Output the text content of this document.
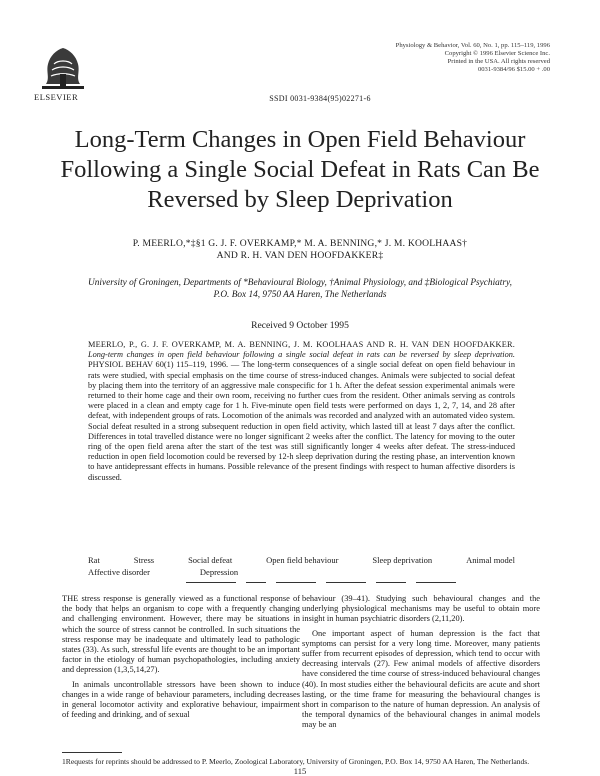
ELSEVIER	SSDI 0031-9384(95)02271-6
Physiology & Behavior, Vol. 60, No. 1, pp. 115–119, 1996
Copyright © 1996 Elsevier Science Inc.
Printed in the USA. All rights reserved
0031-9384/96 $15.00 + .00
Long-Term Changes in Open Field Behaviour
Following a Single Social Defeat in Rats Can Be
Reversed by Sleep Deprivation
P. MEERLO,*‡§1 G. J. F. OVERKAMP,* M. A. BENNING,* J. M. KOOLHAAS†
AND R. H. VAN DEN HOOFDAKKER‡
University of Groningen, Departments of *Behavioural Biology, †Animal Physiology, and ‡Biological Psychiatry,
P.O. Box 14, 9750 AA Haren, The Netherlands
Received 9 October 1995
MEERLO, P., G. J. F. OVERKAMP, M. A. BENNING, J. M. KOOLHAAS AND R. H. VAN DEN HOOFDAKKER. Long-term changes in open field behaviour following a single social defeat in rats can be reversed by sleep deprivation. PHYSIOL BEHAV 60(1) 115–119, 1996. — The long-term consequences of a single social defeat on open field behaviour in rats were studied, with special emphasis on the time course of stress-induced changes. Animals were subjected to social defeat by placing them into the territory of an aggressive male conspecific for 1 h. After the defeat session experimental animals were returned to their home cage and their own room, receiving no further cues from the resident. Other animals serving as controls were placed in a clean and empty cage for 1 h. Five-minute open field tests were performed on days 1, 2, 7, 14, and 28 after defeat, with independent groups of rats. Locomotion of the animals was recorded and analyzed with an automated video system. Social defeat resulted in a strong subsequent reduction in open field activity, which lasted till at least 7 days after the conflict. Differences in total travelled distance were no longer significant 2 weeks after the conflict. The latency for moving to the outer ring of the open field arena after the start of the test was still significantly longer 4 weeks after defeat. The stress-induced reduction in open field locomotion could be reversed by 12-h sleep deprivation during the resting phase, an intervention known to have antidepressant effects in humans. Possible relevance of the present findings with respect to human affective disorders is discussed.
Rat	Stress	Social defeat	Open field behaviour	Sleep deprivation	Animal model
Affective disorder	Depression

THE stress response is generally viewed as a functional response of the body that helps an organism to cope with a frequently changing and challenging environment. However, there may be situations in which the source of stress cannot be controlled. In such situations the stress response may be inadequate and ultimately lead to pathologic states (33). As such, stressful life events are thought to be an important factor in the etiology of human psychopathologies, including anxiety and depression (1,3,5,14,27).

In animals uncontrollable stressors have been shown to induce changes in a wide range of behaviour parameters, including decreases in general locomotor activity and explorative behaviour, impairment of feeding and drinking, and of sexual

behaviour (39–41). Studying such behavioural changes and the underlying physiological mechanisms may be useful to obtain more insight in human psychiatric disorders (2,11,20).

One important aspect of human depression is the fact that symptoms can persist for a very long time. Moreover, many patients suffer from recurrent episodes of depression, which tend to occur with decreasing intervals (27). Few animal models of affective disorders have considered the time course of stress-induced behavioural changes (40). In most studies either the behavioural deficits are acute and short lasting, or the time frame for measuring the behavioural changes is short in comparison to the nature of human depression. An analysis of the temporal dynamics of the behavioural changes in animal models may be an

1Requests for reprints should be addressed to P. Meerlo, Zoological Laboratory, University of Groningen, P.O. Box 14, 9750 AA Haren, The Netherlands.
115
